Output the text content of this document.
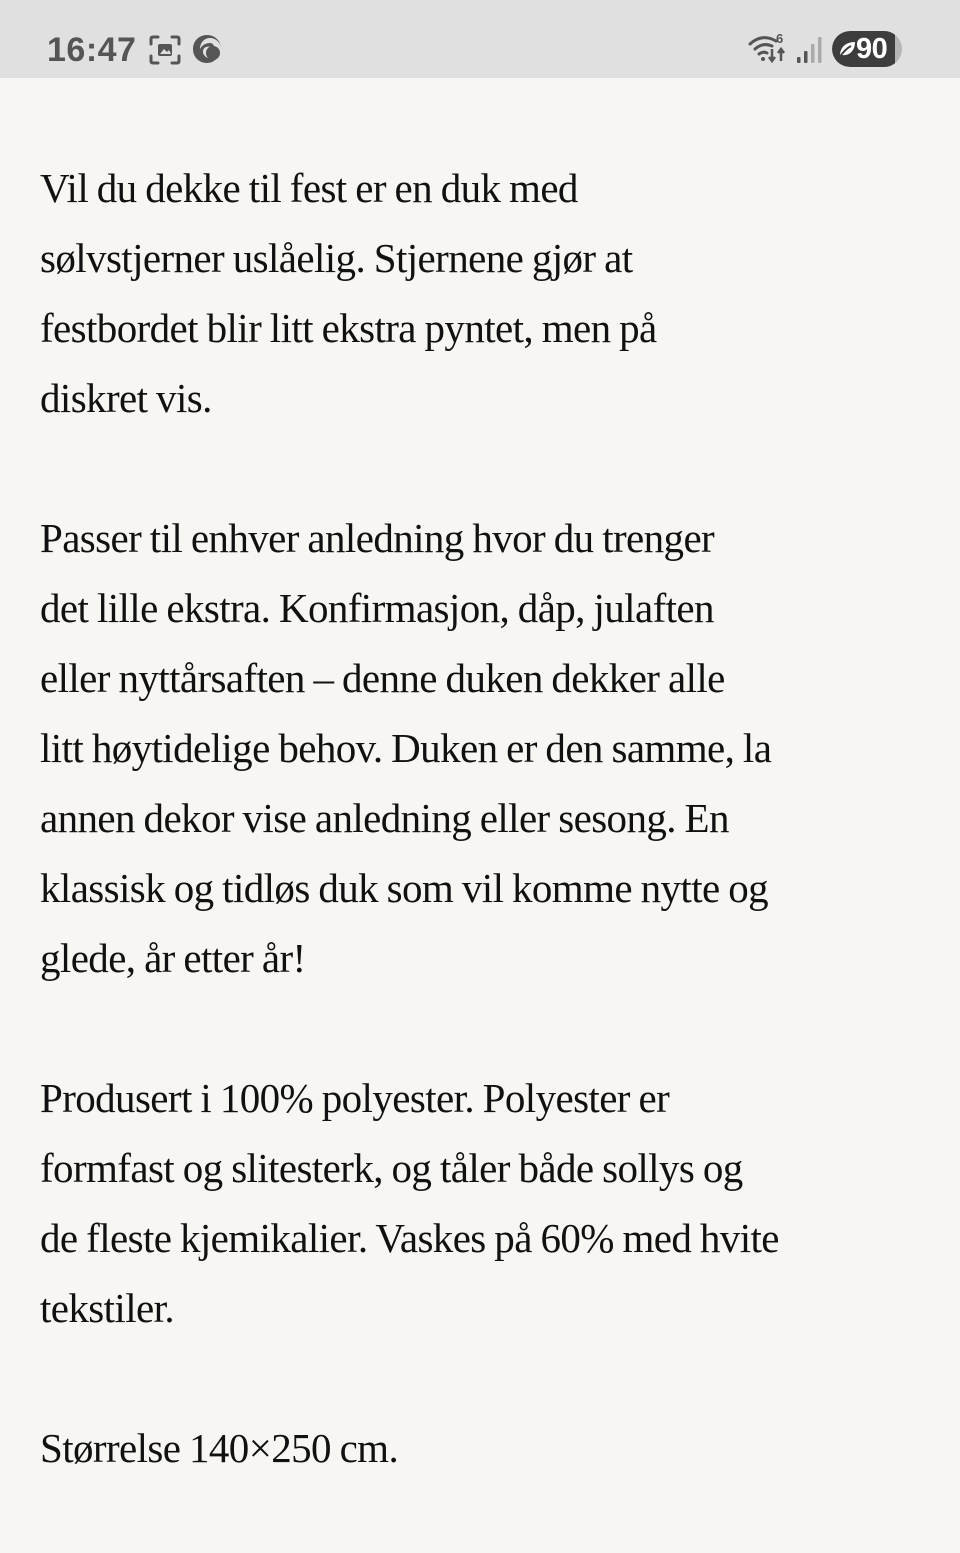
16:47	6	90

Vil du dekke til fest er en duk med
sølvstjerner uslåelig. Stjernene gjør at
festbordet blir litt ekstra pyntet, men på
diskret vis.

Passer til enhver anledning hvor du trenger
det lille ekstra. Konfirmasjon, dåp, julaften
eller nyttårsaften – denne duken dekker alle
litt høytidelige behov. Duken er den samme, la
annen dekor vise anledning eller sesong. En
klassisk og tidløs duk som vil komme nytte og
glede, år etter år!

Produsert i 100% polyester. Polyester er
formfast og slitesterk, og tåler både sollys og
de fleste kjemikalier. Vaskes på 60% med hvite
tekstiler.

Størrelse 140×250 cm.
